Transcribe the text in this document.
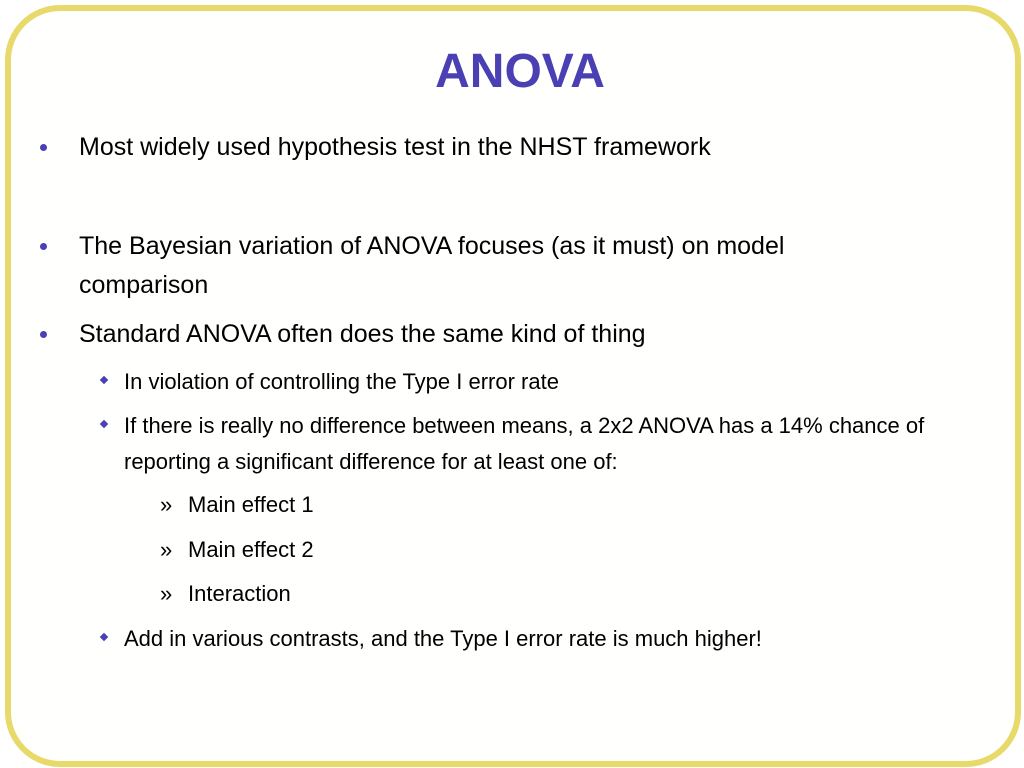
ANOVA
Most widely used hypothesis test in the NHST framework
The Bayesian variation of ANOVA focuses (as it must) on model comparison
Standard ANOVA often does the same kind of thing
In violation of controlling the Type I error rate
If there is really no difference between means, a 2x2 ANOVA has a 14% chance of reporting a significant difference for at least one of:
» Main effect 1
» Main effect 2
» Interaction
Add in various contrasts, and the Type I error rate is much higher!
